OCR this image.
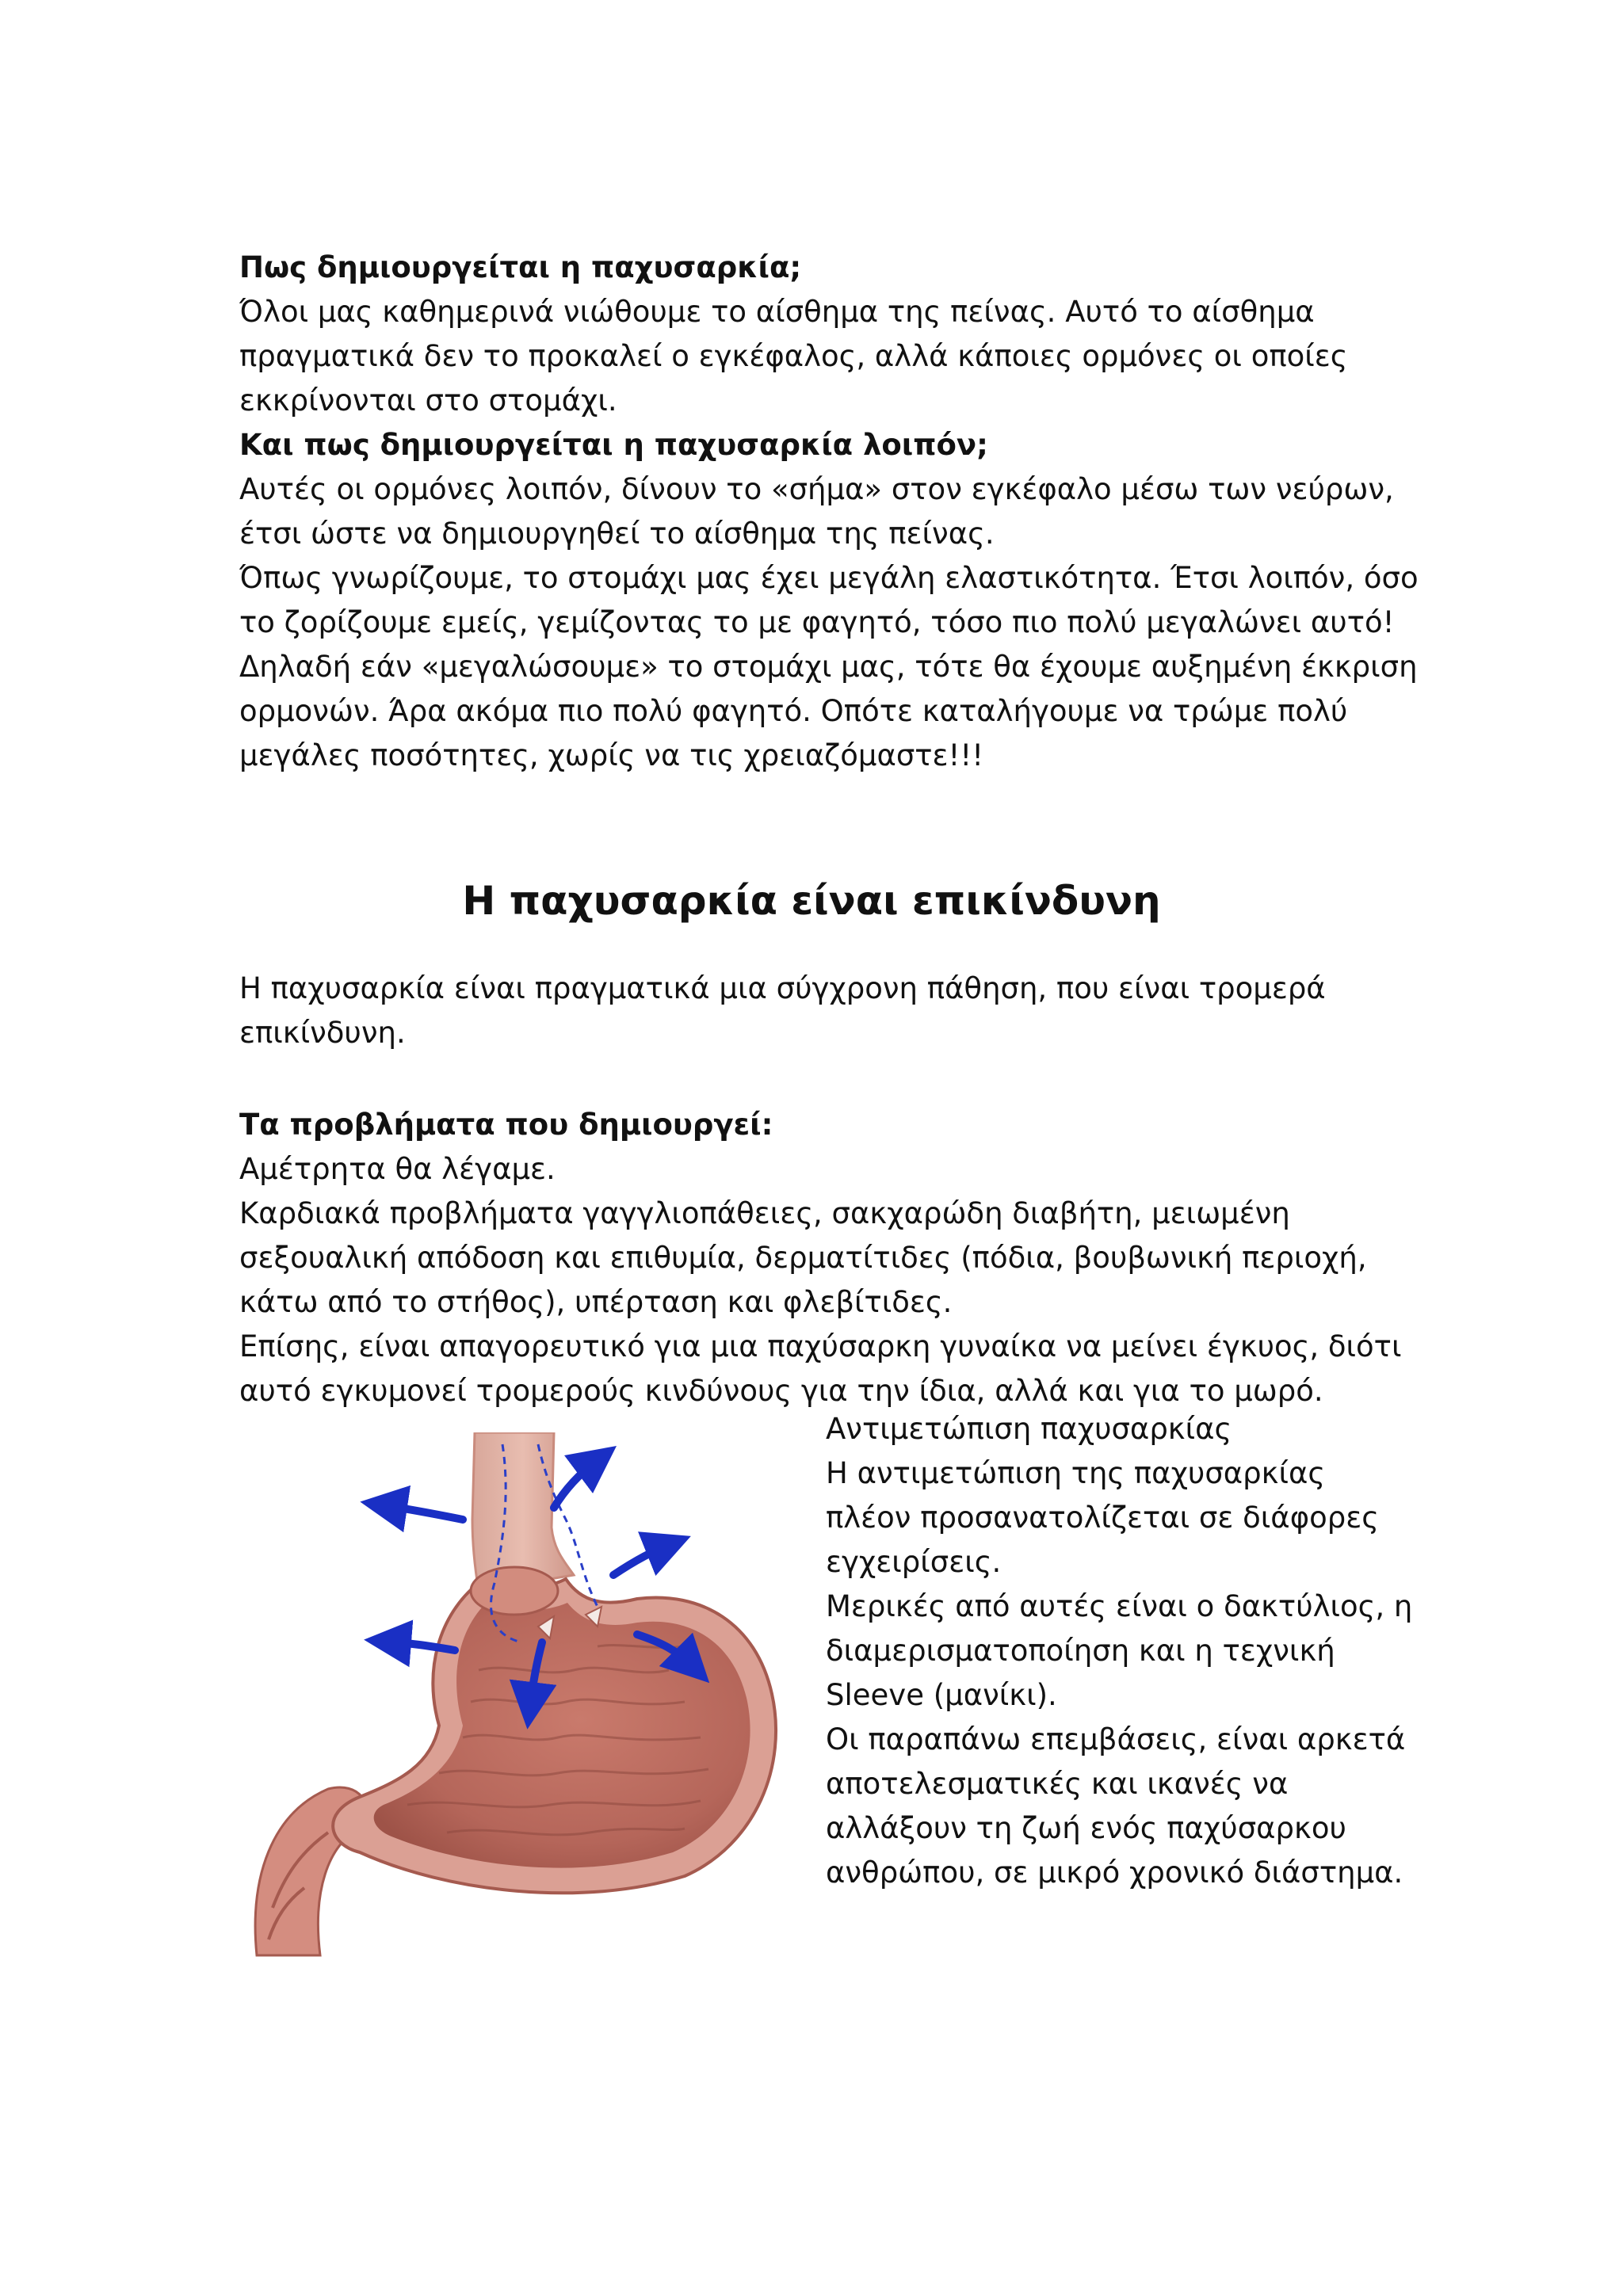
Πως δημιουργείται η παχυσαρκία;
Όλοι μας καθημερινά νιώθουμε το αίσθημα της πείνας. Αυτό το αίσθημα
πραγματικά δεν το προκαλεί ο εγκέφαλος, αλλά κάποιες ορμόνες οι οποίες
εκκρίνονται στο στομάχι.
Και πως δημιουργείται η παχυσαρκία λοιπόν;
Αυτές οι ορμόνες λοιπόν, δίνουν το «σήμα» στον εγκέφαλο μέσω των νεύρων,
έτσι ώστε να δημιουργηθεί το αίσθημα της πείνας.
Όπως γνωρίζουμε, το στομάχι μας έχει μεγάλη ελαστικότητα. Έτσι λοιπόν, όσο
το ζορίζουμε εμείς, γεμίζοντας το με φαγητό, τόσο πιο πολύ μεγαλώνει αυτό!
Δηλαδή εάν «μεγαλώσουμε» το στομάχι μας, τότε θα έχουμε αυξημένη έκκριση
ορμονών. Άρα ακόμα πιο πολύ φαγητό. Οπότε καταλήγουμε να τρώμε πολύ
μεγάλες ποσότητες, χωρίς να τις χρειαζόμαστε!!!
Η παχυσαρκία είναι επικίνδυνη
Η παχυσαρκία είναι πραγματικά μια σύγχρονη πάθηση, που είναι τρομερά
επικίνδυνη.
Τα προβλήματα που δημιουργεί:
Αμέτρητα θα λέγαμε.
Καρδιακά προβλήματα γαγγλιοπάθειες, σακχαρώδη διαβήτη, μειωμένη
σεξουαλική απόδοση και επιθυμία, δερματίτιδες (πόδια, βουβωνική περιοχή,
κάτω από το στήθος), υπέρταση και φλεβίτιδες.
Επίσης, είναι απαγορευτικό για μια παχύσαρκη γυναίκα να μείνει έγκυος, διότι
αυτό εγκυμονεί τρομερούς κινδύνους για την ίδια, αλλά και για το μωρό.
Αντιμετώπιση παχυσαρκίας
Η αντιμετώπιση της παχυσαρκίας
πλέον προσανατολίζεται σε διάφορες
εγχειρίσεις.
Μερικές από αυτές είναι ο δακτύλιος, η
διαμερισματοποίηση και η τεχνική
Sleeve (μανίκι).
Οι παραπάνω επεμβάσεις, είναι αρκετά
αποτελεσματικές και ικανές να
αλλάξουν τη ζωή ενός παχύσαρκου
ανθρώπου, σε μικρό χρονικό διάστημα.
